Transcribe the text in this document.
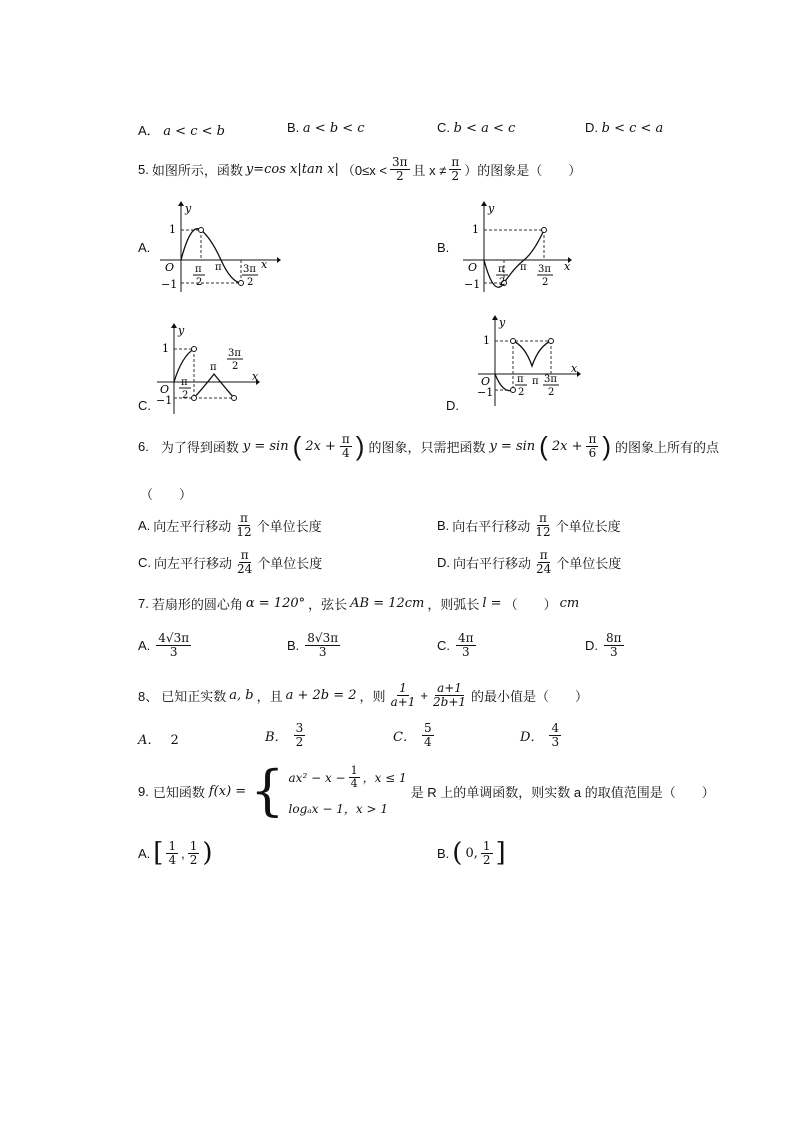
A． a < c < b	B. a < b < c	C. b < a < c	D. b < c < a
5. 如图所示，函数 y=cos x|tan x| （$0\le x < \frac{3\pi}{2}$ 且 $x \ne \frac{\pi}{2}$ ）的图象是（　　）
A.	B.
C.	D.
y
1
O
−1
π
2
π 3π
2
x
y
1
O
−1
π
2
π 3π
2
x
y
1
O
−1
π
2
π
3π
2
x
y
1
O
−1
π
2
π 3π
2
x
6. 为了得到函数 y = sin ( $2x + \frac{\pi}{4}$ ) 的图象，只需把函数 y = sin ( $2x + \frac{\pi}{6}$ ) 的图象上所有的点
（　　）
A. 向左平行移动 $\frac{\pi}{12}$ 个单位长度	B. 向右平行移动 $\frac{\pi}{12}$ 个单位长度
C. 向左平行移动 $\frac{\pi}{24}$ 个单位长度	D. 向右平行移动 $\frac{\pi}{24}$ 个单位长度
7. 若扇形的圆心角 α = 120° ，弦长 AB = 12cm ，则弧长 l = （　　） cm
A. $\frac{4√3\pi}{3}$	B. $\frac{8√3\pi}{3}$	C. $\frac{4\pi}{3}$	D. $\frac{8\pi}{3}$
8、 已知正实数 a, b ，且 a + 2b = 2 ，则 $\frac{1}{a+1} + \frac{a+1}{2b+1}$ 的最小值是（　　）
A． 2	B． $\frac{3}{2}$	C． $\frac{5}{4}$	D． $\frac{4}{3}$
9. 已知函数 f(x) = { $ax^2 - x - \frac{1}{4}$ ，x ≤ 1
logₐx − 1，x > 1
是 R 上的单调函数，则实数 a 的取值范围是（　　）
A. [ $\frac{1}{4}$ , $\frac{1}{2}$ )	B. ( 0, $\frac{1}{2}$ ]
